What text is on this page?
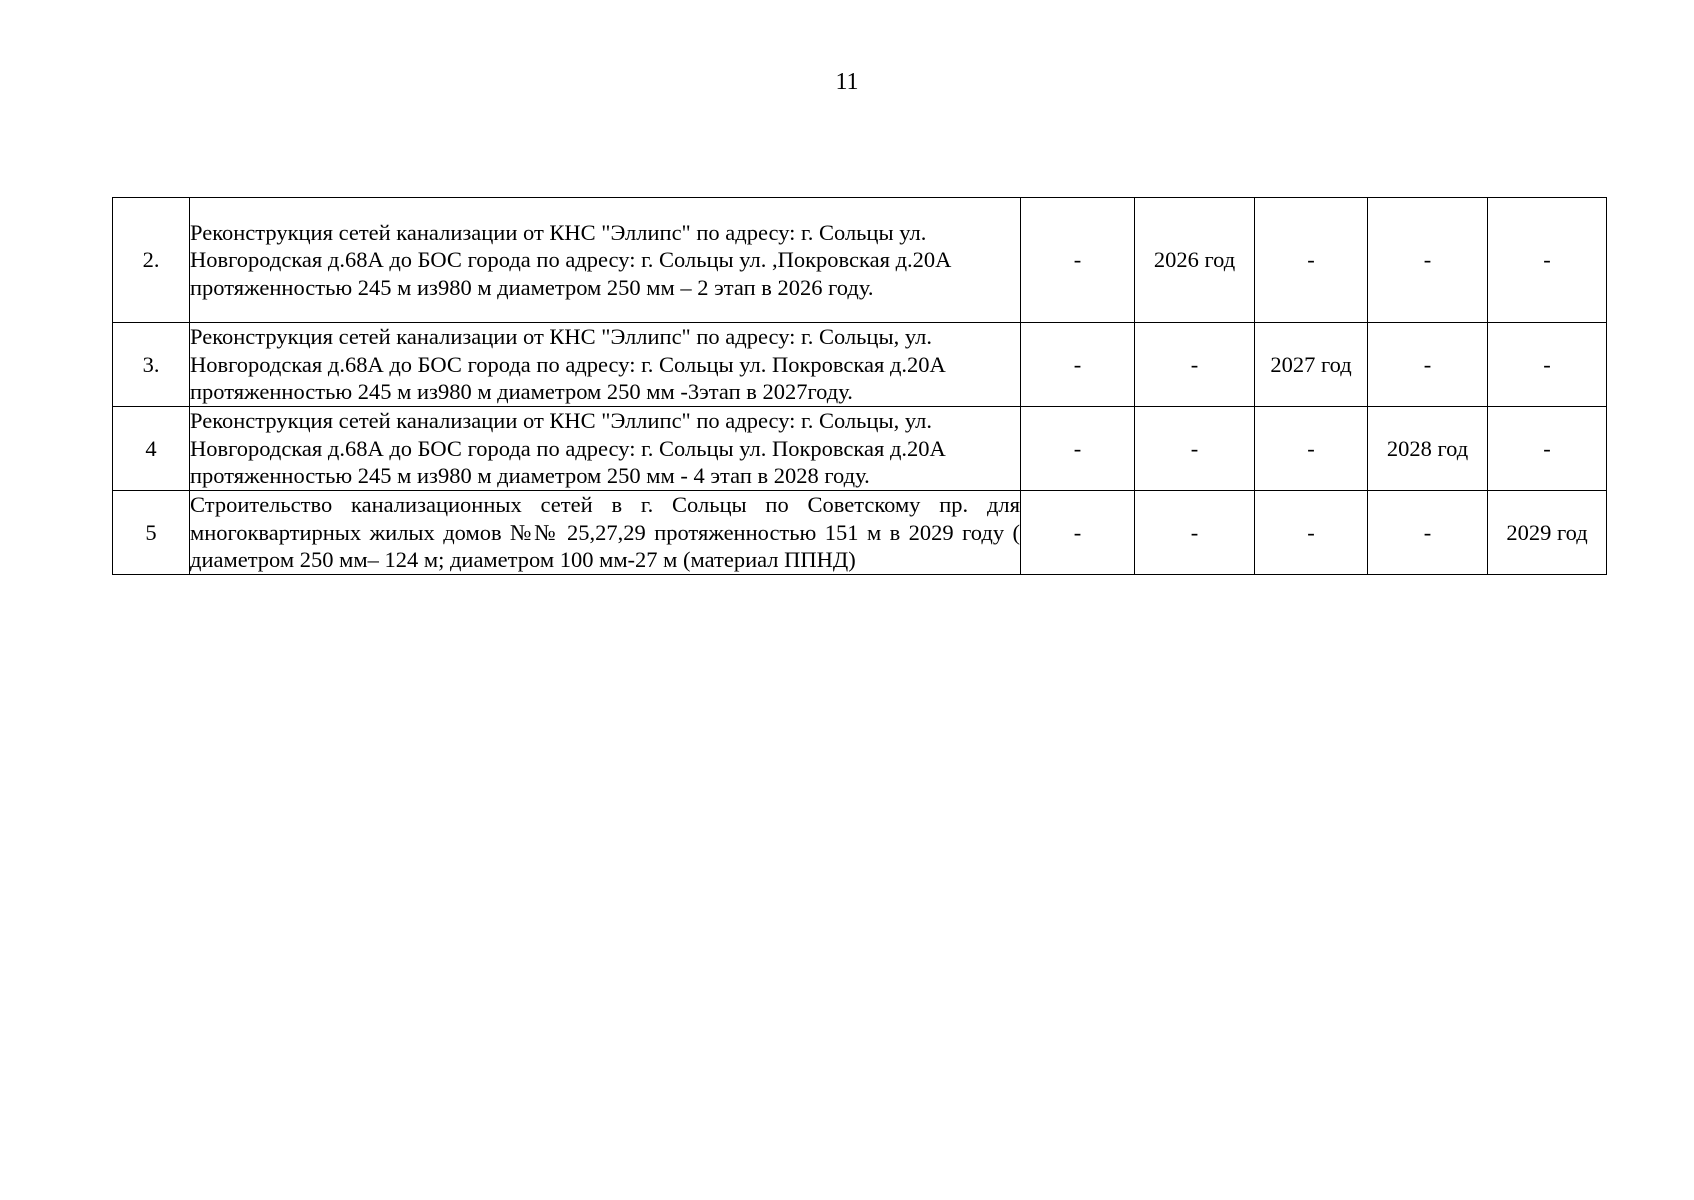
11
2.	Реконструкция сетей канализации от КНС "Эллипс" по адресу: г. Сольцы ул. Новгородская д.68А до БОС города по адресу: г. Сольцы ул. ,Покровская д.20А протяженностью 245 м из980 м диаметром 250 мм – 2 этап в 2026 году.	-	2026 год	-	-	-
3.	Реконструкция сетей канализации от КНС "Эллипс" по адресу: г. Сольцы, ул. Новгородская д.68А до БОС города по адресу: г. Сольцы ул. Покровская д.20А протяженностью 245 м из980 м диаметром 250 мм -3этап в 2027году.	-	-	2027 год	-	-
4	Реконструкция сетей канализации от КНС "Эллипс" по адресу: г. Сольцы, ул. Новгородская д.68А до БОС города по адресу: г. Сольцы ул. Покровская д.20А протяженностью 245 м из980 м диаметром 250 мм - 4 этап в 2028 году.	-	-	-	2028 год	-
5	Строительство канализационных сетей в г. Сольцы по Советскому пр. для многоквартирных жилых домов №№ 25,27,29 протяженностью 151 м в 2029 году ( диаметром 250 мм– 124 м; диаметром 100 мм-27 м (материал ППНД)	-	-	-	-	2029 год
